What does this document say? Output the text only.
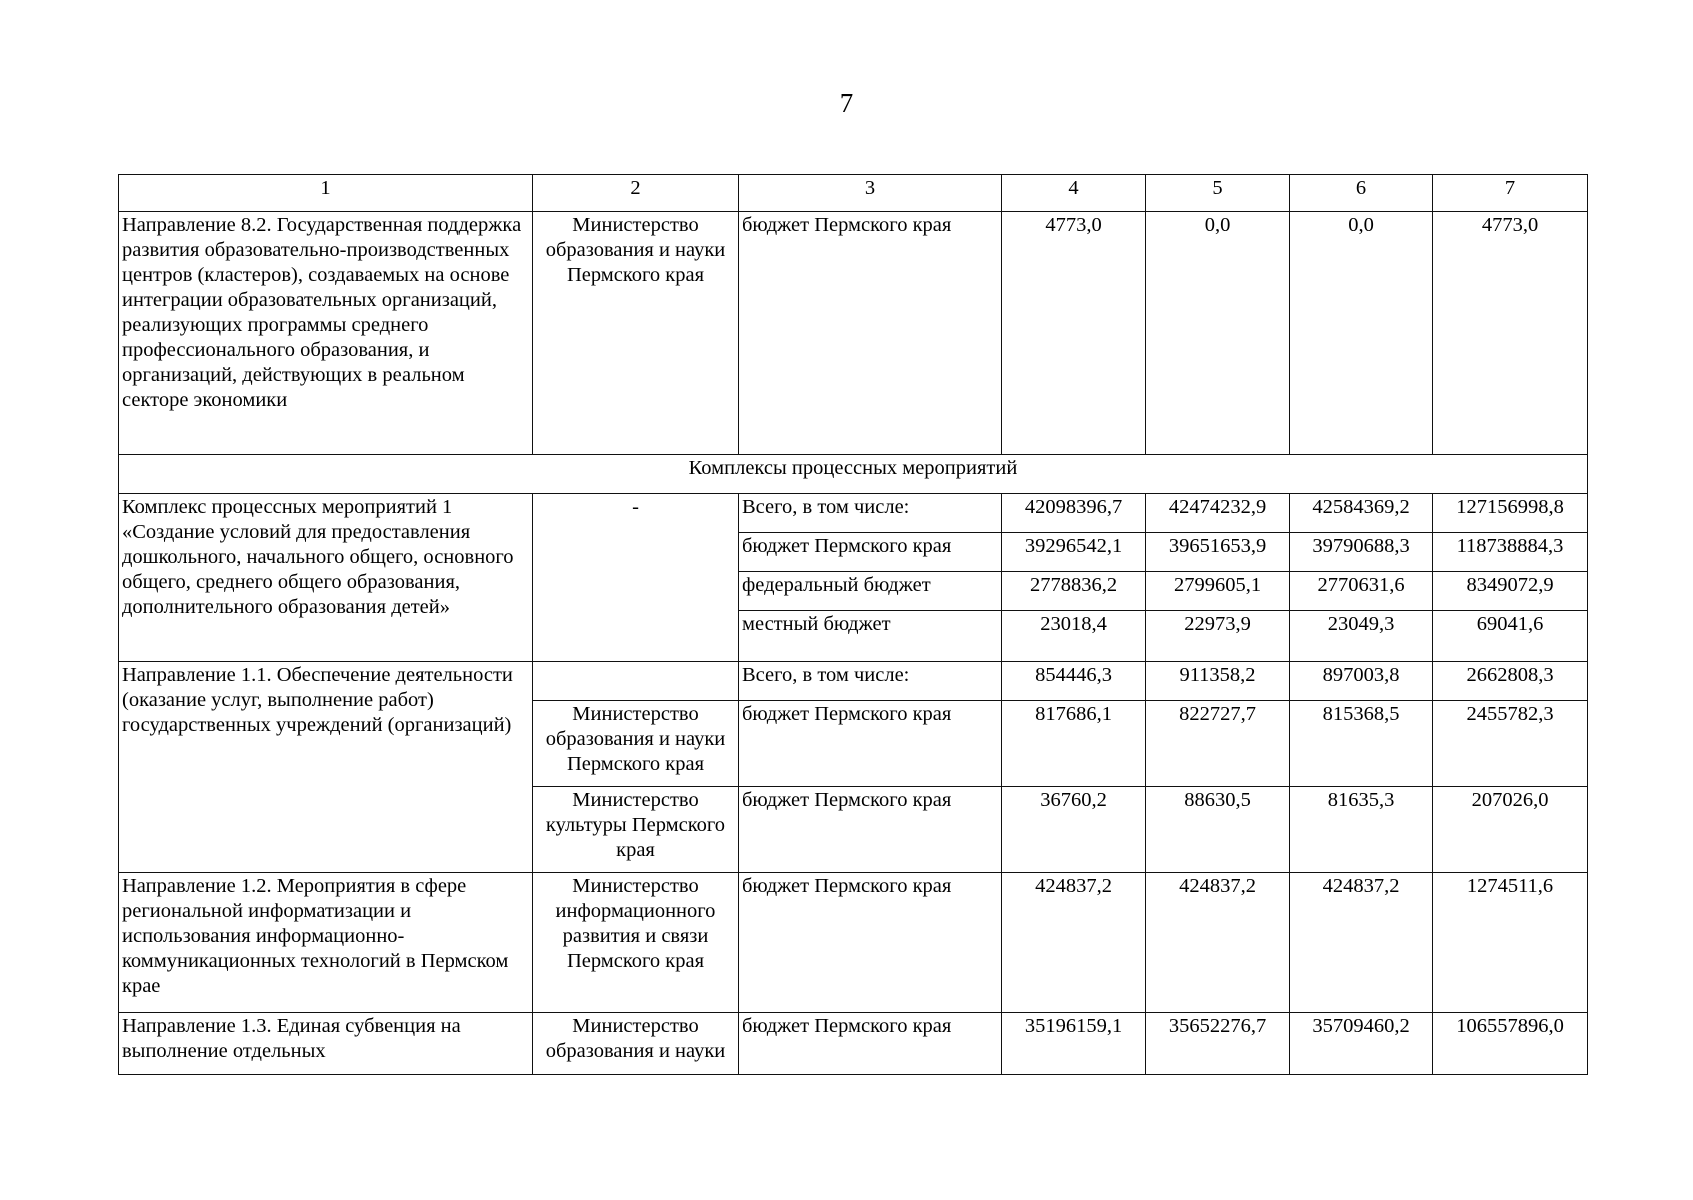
7
1	2	3	4	5	6	7
Направление 8.2. Государственная поддержка развития образовательно-производственных центров (кластеров), создаваемых на основе интеграции образовательных организаций, реализующих программы среднего профессионального образования, и организаций, действующих в реальном секторе экономики	Министерство образования и науки Пермского края	бюджет Пермского края	4773,0	0,0	0,0	4773,0
Комплексы процессных мероприятий						
Комплекс процессных мероприятий 1 «Создание условий для предоставления дошкольного, начального общего, основного общего, среднего общего образования, дополнительного образования детей»	-	Всего, в том числе:	42098396,7	42474232,9	42584369,2	127156998,8
		бюджет Пермского края	39296542,1	39651653,9	39790688,3	118738884,3
		федеральный бюджет	2778836,2	2799605,1	2770631,6	8349072,9
		местный бюджет	23018,4	22973,9	23049,3	69041,6
Направление 1.1. Обеспечение деятельности (оказание услуг, выполнение работ) государственных учреждений (организаций)		Всего, в том числе:	854446,3	911358,2	897003,8	2662808,3
	Министерство образования и науки Пермского края	бюджет Пермского края	817686,1	822727,7	815368,5	2455782,3
	Министерство культуры Пермского края	бюджет Пермского края	36760,2	88630,5	81635,3	207026,0
Направление 1.2. Мероприятия в сфере региональной информатизации и использования информационно-коммуникационных технологий в Пермском крае	Министерство информационного развития и связи Пермского края	бюджет Пермского края	424837,2	424837,2	424837,2	1274511,6
Направление 1.3. Единая субвенция на выполнение отдельных	Министерство образования и науки	бюджет Пермского края	35196159,1	35652276,7	35709460,2	106557896,0
